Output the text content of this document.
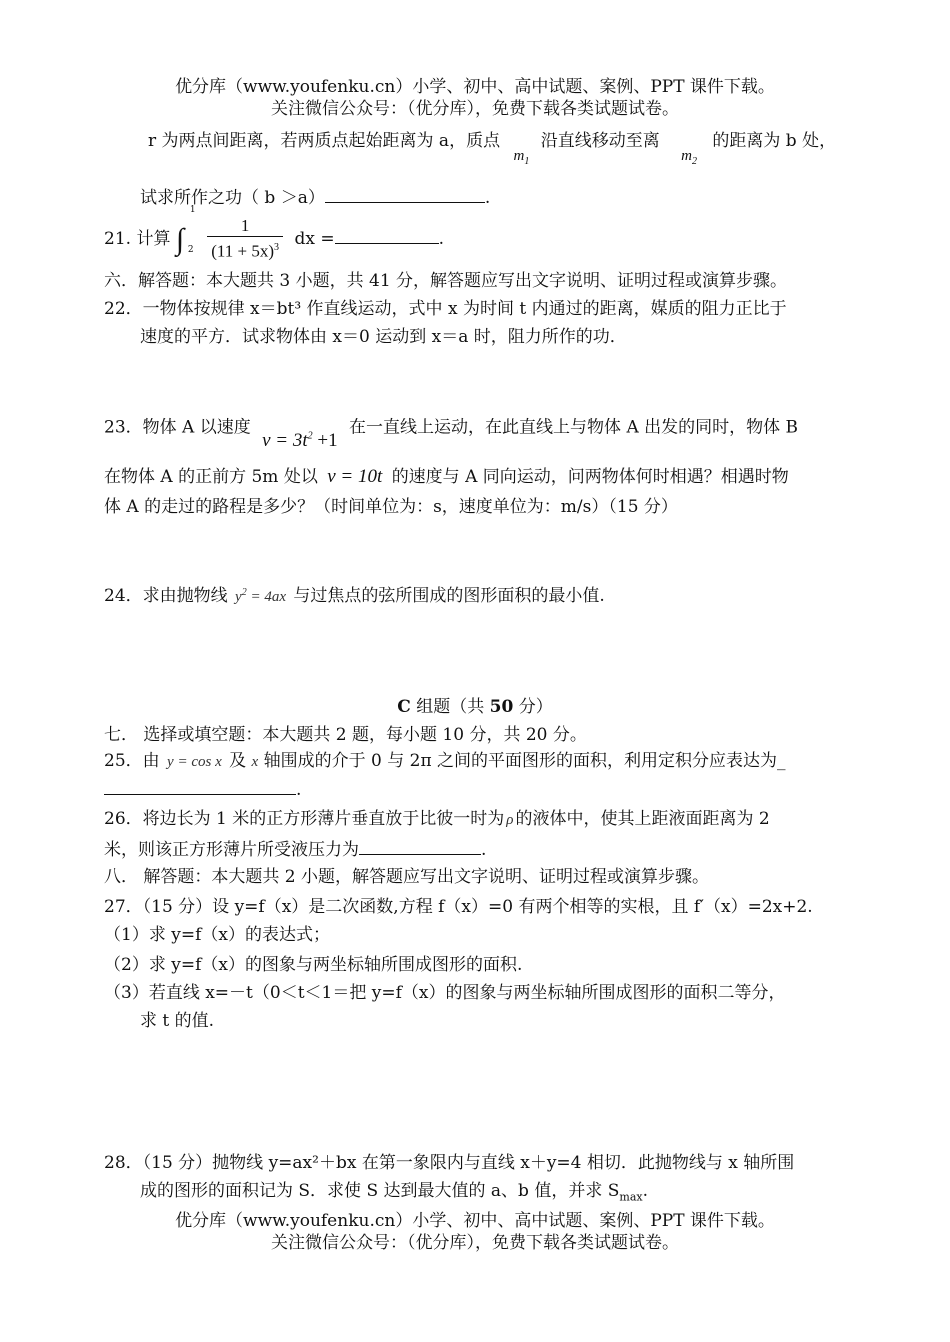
优分库（www.youfenku.cn）小学、初中、高中试题、案例、PPT 课件下载。
关注微信公众号：（优分库），免费下载各类试题试卷。
r 为两点间距离，若两质点起始距离为 a，质点 $m_1$ 沿直线移动至离 $m_2$ 的距离为 b 处，
试求所作之功（ b ＞a）	.
21. 计算 ∫
1
2
$\frac{1}{(11 + 5x)^3}$ dx =	.
六．解答题：本大题共 3 小题，共 41 分，解答题应写出文字说明、证明过程或演算步骤。
22．一物体按规律 x＝bt³ 作直线运动，式中 x 为时间 t 内通过的距离，媒质的阻力正比于
速度的平方．试求物体由 x＝0 运动到 x＝a 时，阻力所作的功．
23．物体 A 以速度 $v = 3t^2 +1$ 在一直线上运动，在此直线上与物体 A 出发的同时，物体 B
在物体 A 的正前方 5m 处以 v = 10t 的速度与 A 同向运动，问两物体何时相遇？相遇时物
体 A 的走过的路程是多少？（时间单位为：s，速度单位为：m/s）（15 分）
24．求由抛物线 $y^2 = 4ax$ 与过焦点的弦所围成的图形面积的最小值.
C 组题（共 50 分）
七． 选择或填空题：本大题共 2 题，每小题 10 分，共 20 分。
25．由 y = cos x 及 x 轴围成的介于 0 与 2π 之间的平面图形的面积，利用定积分应表达为_
.
26．将边长为 1 米的正方形薄片垂直放于比彼一时为 ρ 的液体中，使其上距液面距离为 2
米，则该正方形薄片所受液压力为	.
八． 解答题：本大题共 2 小题，解答题应写出文字说明、证明过程或演算步骤。
27．（15 分）设 y=f（x）是二次函数,方程 f（x）=0 有两个相等的实根，且 f′（x）=2x+2.
（1）求 y=f（x）的表达式；
（2）求 y=f（x）的图象与两坐标轴所围成图形的面积.
（3）若直线 x=－t（0＜t＜1＝把 y=f（x）的图象与两坐标轴所围成图形的面积二等分，
求 t 的值.
28．（15 分）抛物线 y=ax²＋bx 在第一象限内与直线 x＋y=4 相切．此抛物线与 x 轴所围
成的图形的面积记为 S．求使 S 达到最大值的 a、b 值，并求 $S_{max}$.
优分库（www.youfenku.cn）小学、初中、高中试题、案例、PPT 课件下载。
关注微信公众号：（优分库），免费下载各类试题试卷。
